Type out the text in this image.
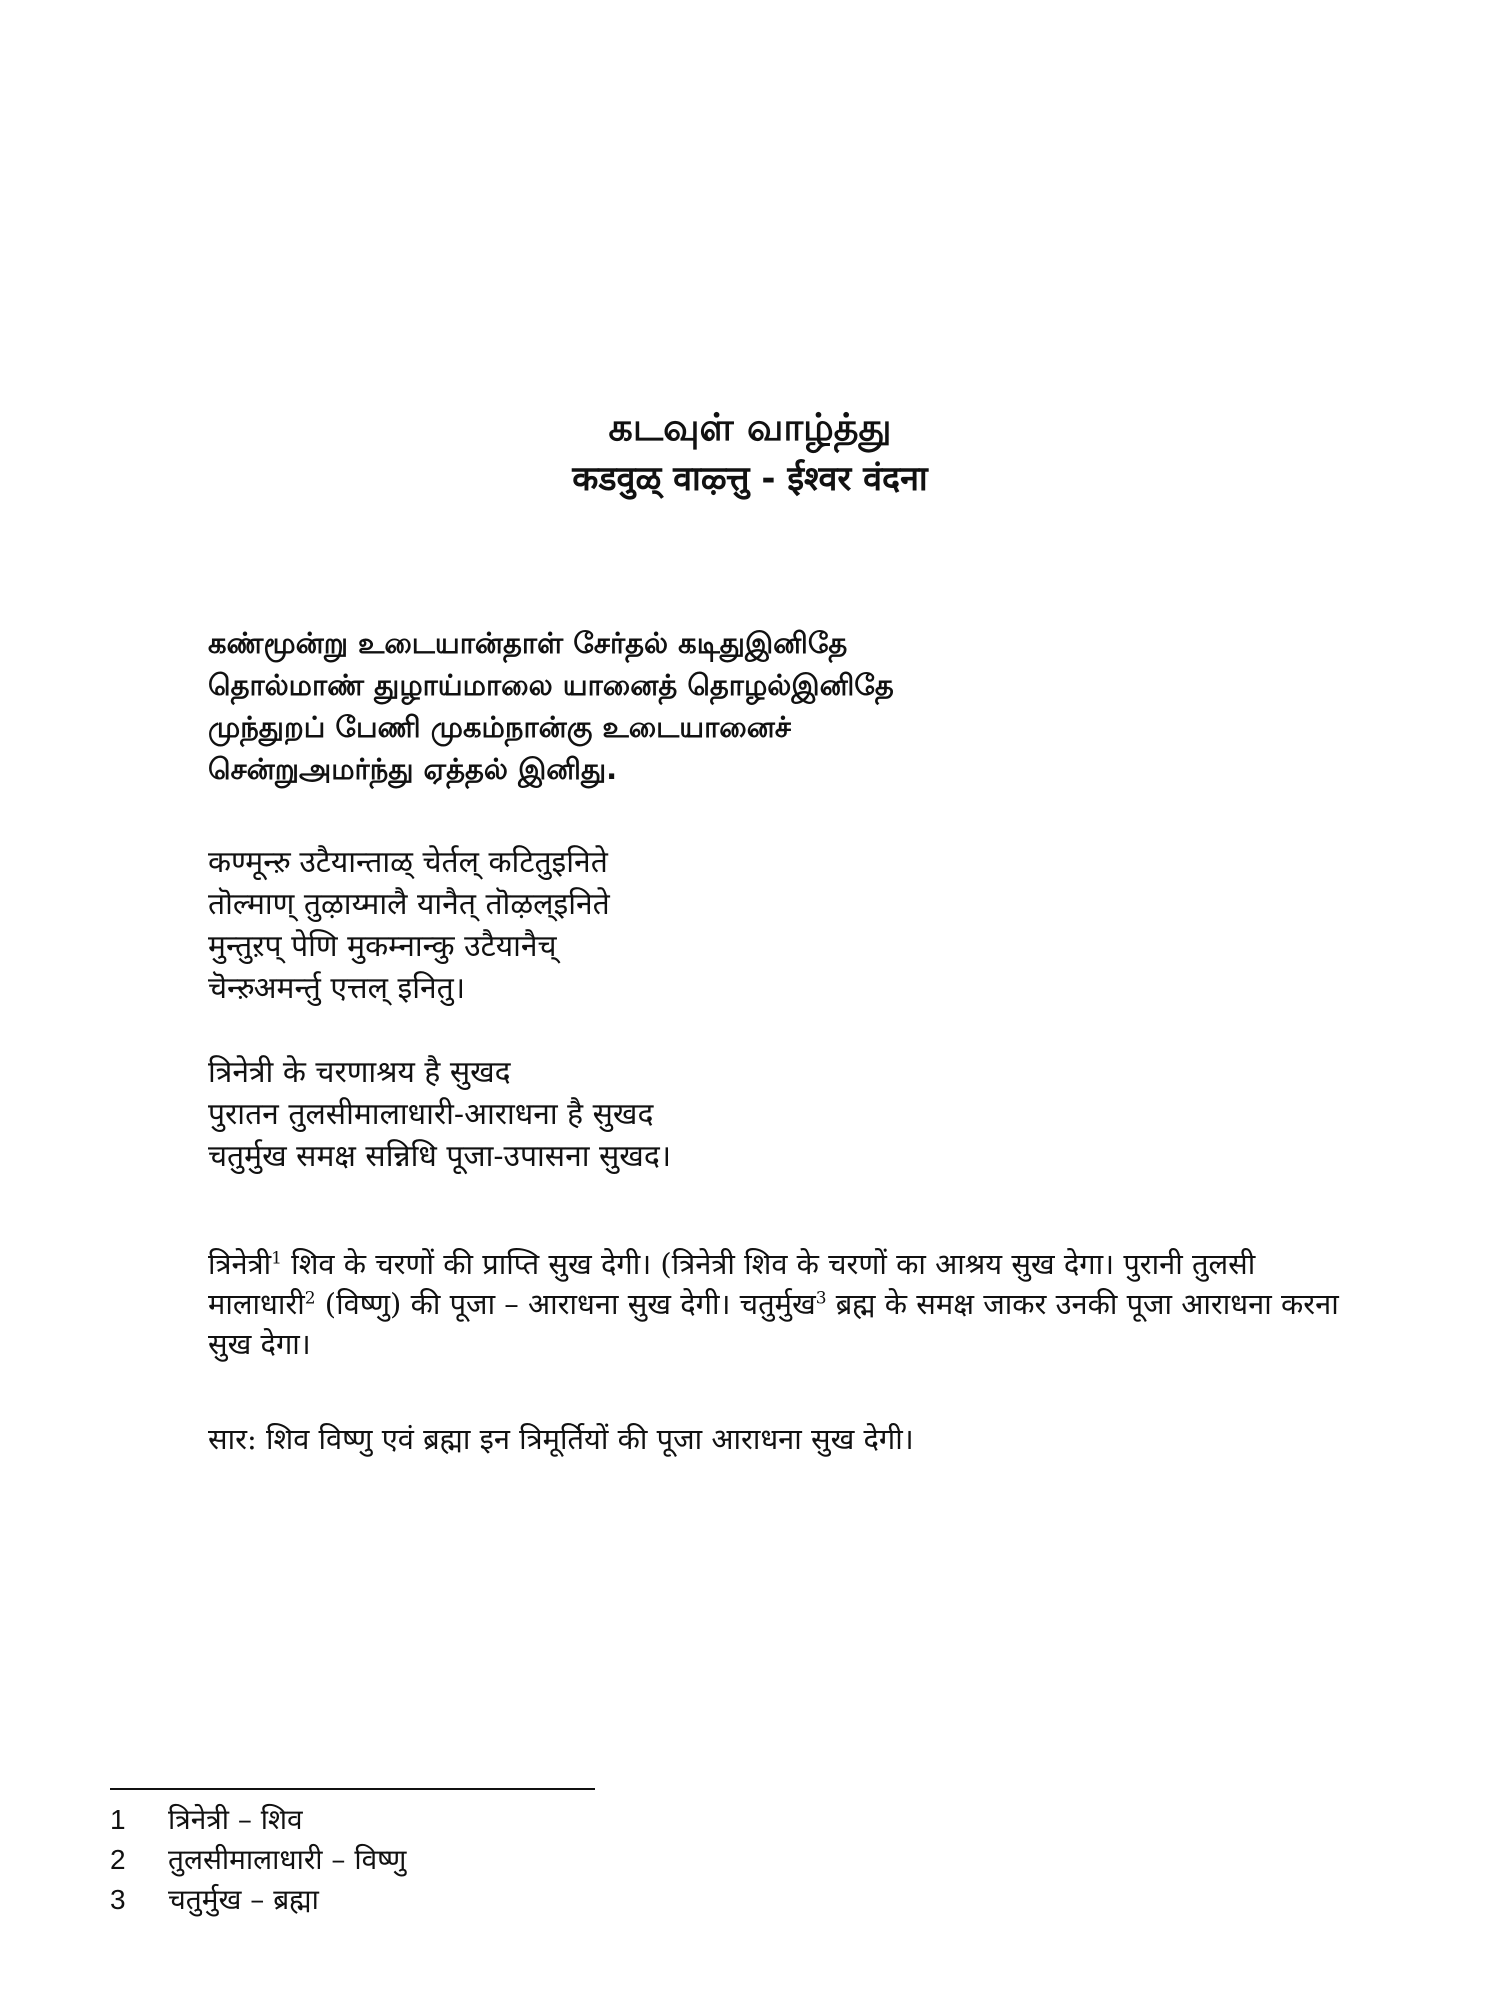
கடவுள் வாழ்த்து

कडवुळ् वाऴ्त्तु - ईश्वर वंदना

கண்மூன்று உடையான்தாள் சேர்தல் கடிதுஇனிதே
தொல்மாண் துழாய்மாலை யானைத் தொழல்இனிதே
முந்துறப் பேணி முகம்நான்கு உடையானைச்
சென்றுஅமர்ந்து ஏத்தல் இனிது.
कण्मून्ऱु उटैयान्ताळ् चेर्तल् कटितुइनिते
तॊल्माण् तुऴाय्मालै यानैत् तॊऴल्इनिते
मुन्तुऱप् पेणि मुकम्नान्कु उटैयानैच्
चॆन्ऱुअमर्न्तु एत्तल् इनितु।
त्रिनेत्री के चरणाश्रय है सुखद
पुरातन तुलसीमालाधारी-आराधना है सुखद
चतुर्मुख समक्ष सन्निधि पूजा-उपासना सुखद।

त्रिनेत्री$^1$ शिव के चरणों की प्राप्ति सुख देगी। (त्रिनेत्री शिव के चरणों का आश्रय सुख देगा। पुरानी तुलसी मालाधारी$^2$ (विष्णु) की पूजा – आराधना सुख देगी। चतुर्मुख$^3$ ब्रह्म के समक्ष जाकर उनकी पूजा आराधना करना सुख देगा।

सार: शिव विष्णु एवं ब्रह्मा इन त्रिमूर्तियों की पूजा आराधना सुख देगी।

1 त्रिनेत्री – शिव
2 तुलसीमालाधारी – विष्णु
3 चतुर्मुख – ब्रह्मा
